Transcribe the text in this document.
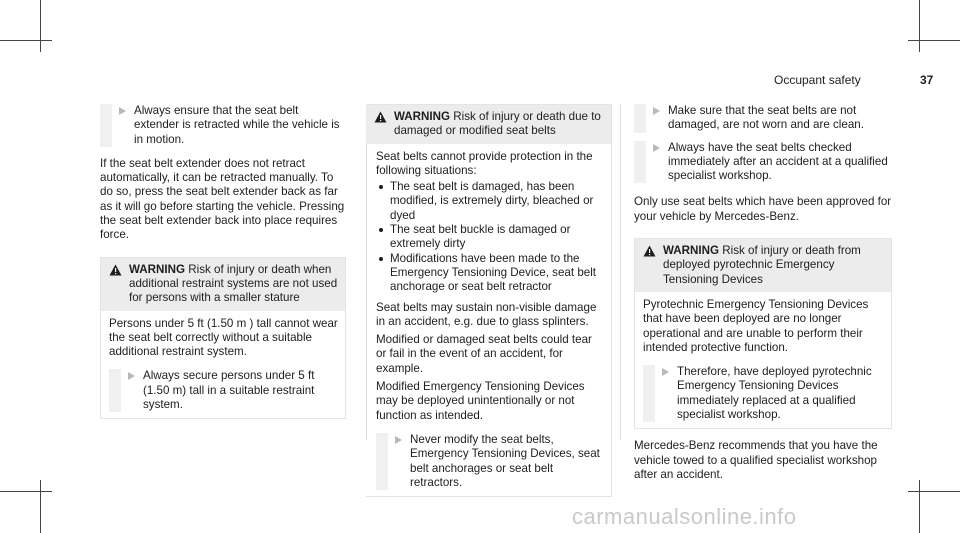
Occupant safety	37
Always ensure that the seat belt extender is retracted while the vehicle is in motion.

If the seat belt extender does not retract automatically, it can be retracted manually. To do so, press the seat belt extender back as far as it will go before starting the vehicle. Pressing the seat belt extender back into place requires force.

WARNING Risk of injury or death when additional restraint systems are not used for persons with a smaller stature

Persons under 5 ft (1.50 m ) tall cannot wear the seat belt correctly without a suitable additional restraint system.

Always secure persons under 5 ft (1.50 m) tall in a suitable restraint system.
WARNING Risk of injury or death due to damaged or modified seat belts

Seat belts cannot provide protection in the following situations:

The seat belt is damaged, has been modified, is extremely dirty, bleached or dyed
The seat belt buckle is damaged or extremely dirty
Modifications have been made to the Emergency Tensioning Device, seat belt anchorage or seat belt retractor

Seat belts may sustain non-visible damage in an accident, e.g. due to glass splinters.

Modified or damaged seat belts could tear or fail in the event of an accident, for example.

Modified Emergency Tensioning Devices may be deployed unintentionally or not function as intended.

Never modify the seat belts, Emergency Tensioning Devices, seat belt anchorages or seat belt retractors.
Make sure that the seat belts are not damaged, are not worn and are clean.
Always have the seat belts checked immediately after an accident at a qualified specialist workshop.

Only use seat belts which have been approved for your vehicle by Mercedes-Benz.

WARNING Risk of injury or death from deployed pyrotechnic Emergency Tensioning Devices

Pyrotechnic Emergency Tensioning Devices that have been deployed are no longer operational and are unable to perform their intended protective function.

Therefore, have deployed pyrotechnic Emergency Tensioning Devices immediately replaced at a qualified specialist workshop.

Mercedes-Benz recommends that you have the vehicle towed to a qualified specialist workshop after an accident.

carmanualsonline.info
